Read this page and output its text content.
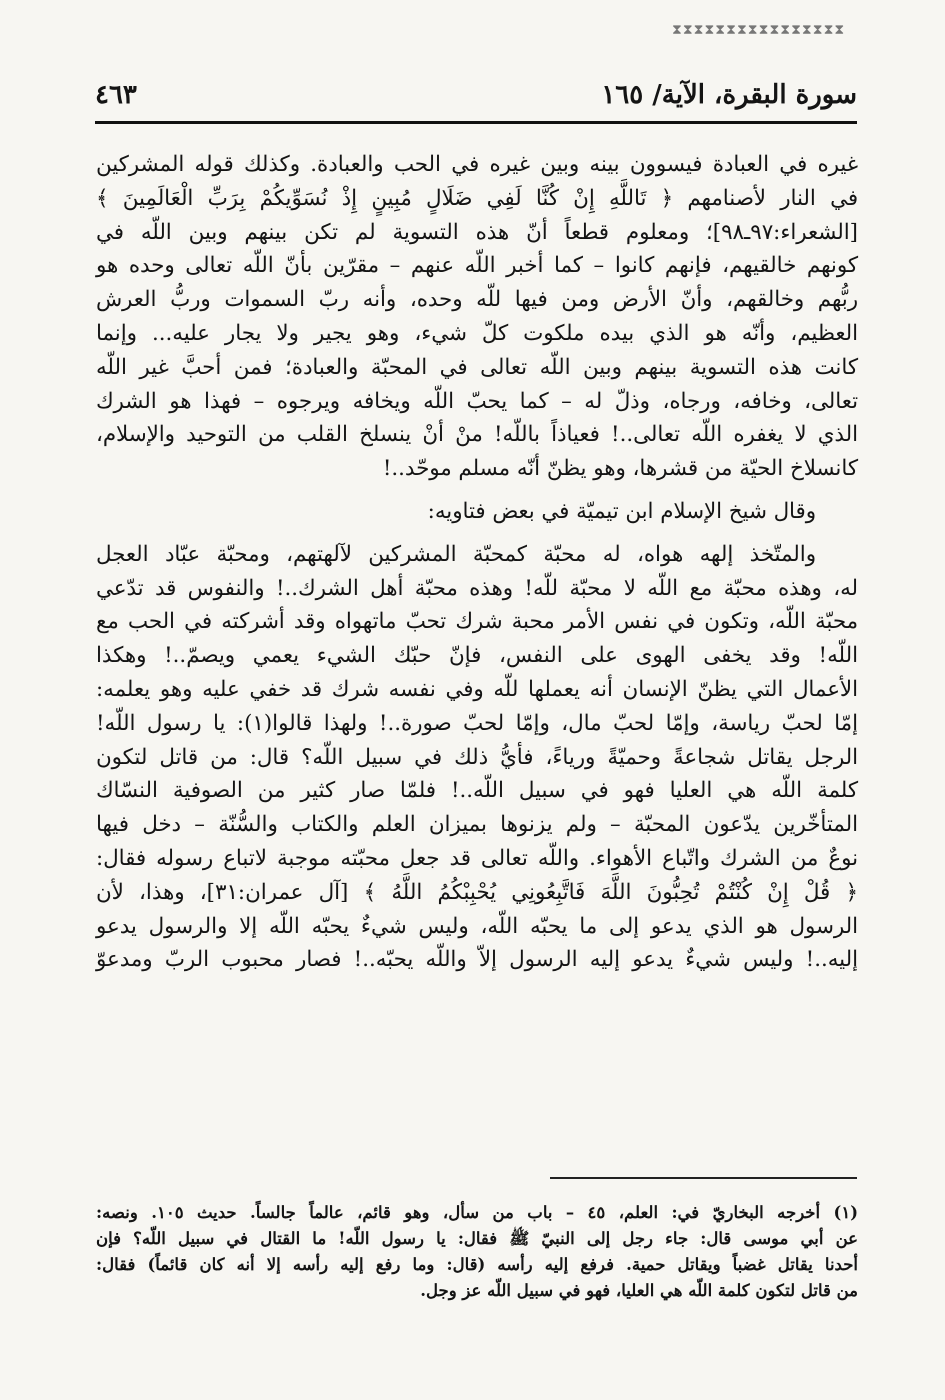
⧗⧗⧗⧗⧗⧗⧗⧗⧗⧗⧗⧗⧗⧗⧗⧗
سورة البقرة، الآية/ ١٦٥
٤٦٣

غيره في العبادة فيسوون بينه وبين غيره في الحب والعبادة. وكذلك قوله المشركين
في النار لأصنامهم ﴿ تَاللَّهِ إِنْ كُنَّا لَفِي ضَلَالٍ مُبِينٍ إِذْ نُسَوِّيكُمْ بِرَبِّ الْعَالَمِينَ ﴾
[الشعراء:٩٧ـ٩٨]؛ ومعلوم قطعاً أنّ هذه التسوية لم تكن بينهم وبين اللّه في
كونهم خالقيهم، فإنهم كانوا – كما أخبر اللّه عنهم – مقرّين بأنّ اللّه تعالى وحده هو
ربُّهم وخالقهم، وأنّ الأرض ومن فيها للّه وحده، وأنه ربّ السموات وربُّ العرش
العظيم، وأنّه هو الذي بيده ملكوت كلّ شيء، وهو يجير ولا يجار عليه... وإنما
كانت هذه التسوية بينهم وبين اللّه تعالى في المحبّة والعبادة؛ فمن أحبَّ غير اللّه
تعالى، وخافه، ورجاه، وذلّ له – كما يحبّ اللّه ويخافه ويرجوه – فهذا هو الشرك
الذي لا يغفره اللّه تعالى..! فعياذاً باللّه! منْ أنْ ينسلخ القلب من التوحيد والإسلام،
كانسلاخ الحيّة من قشرها، وهو يظنّ أنّه مسلم موحّد..!

وقال شيخ الإسلام ابن تيميّة في بعض فتاويه:

والمتّخذ إلهه هواه، له محبّة كمحبّة المشركين لآلهتهم، ومحبّة عبّاد العجل
له، وهذه محبّة مع اللّه لا محبّة للّه! وهذه محبّة أهل الشرك..! والنفوس قد تدّعي
محبّة اللّه، وتكون في نفس الأمر محبة شرك تحبّ ماتهواه وقد أشركته في الحب مع
اللّه! وقد يخفى الهوى على النفس، فإنّ حبّك الشيء يعمي ويصمّ..! وهكذا
الأعمال التي يظنّ الإنسان أنه يعملها للّه وفي نفسه شرك قد خفي عليه وهو يعلمه:
إمّا لحبّ رياسة، وإمّا لحبّ مال، وإمّا لحبّ صورة..! ولهذا قالوا(١): يا رسول اللّه!
الرجل يقاتل شجاعةً وحميّةً ورياءً، فأيُّ ذلك في سبيل اللّه؟ قال: من قاتل لتكون
كلمة اللّه هي العليا فهو في سبيل اللّه..! فلمّا صار كثير من الصوفية النسّاك
المتأخّرين يدّعون المحبّة – ولم يزنوها بميزان العلم والكتاب والسُّنّة – دخل فيها
نوعٌ من الشرك واتّباع الأهواء. واللّه تعالى قد جعل محبّته موجبة لاتباع رسوله فقال:
﴿ قُلْ إِنْ كُنْتُمْ تُحِبُّونَ اللَّهَ فَاتَّبِعُونِي يُحْبِبْكُمُ اللَّهُ ﴾ [آل عمران:٣١]، وهذا، لأن
الرسول هو الذي يدعو إلى ما يحبّه اللّه، وليس شيءٌ يحبّه اللّه إلا والرسول يدعو
إليه..! وليس شيءٌ يدعو إليه الرسول إلاّ واللّه يحبّه..! فصار محبوب الربّ ومدعوّ

(١) أخرجه البخاريّ في: العلم، ٤٥ – باب من سأل، وهو قائم، عالماً جالساً. حديث ١٠٥. ونصه:
عن أبي موسى قال: جاء رجل إلى النبيّ ﷺ فقال: يا رسول اللّه! ما القتال في سبيل اللّه؟ فإن
أحدنا يقاتل غضباً ويقاتل حمية. فرفع إليه رأسه (قال: وما رفع إليه رأسه إلا أنه كان قائماً) فقال:
من قاتل لتكون كلمة اللّه هي العليا، فهو في سبيل اللّه عز وجل.
